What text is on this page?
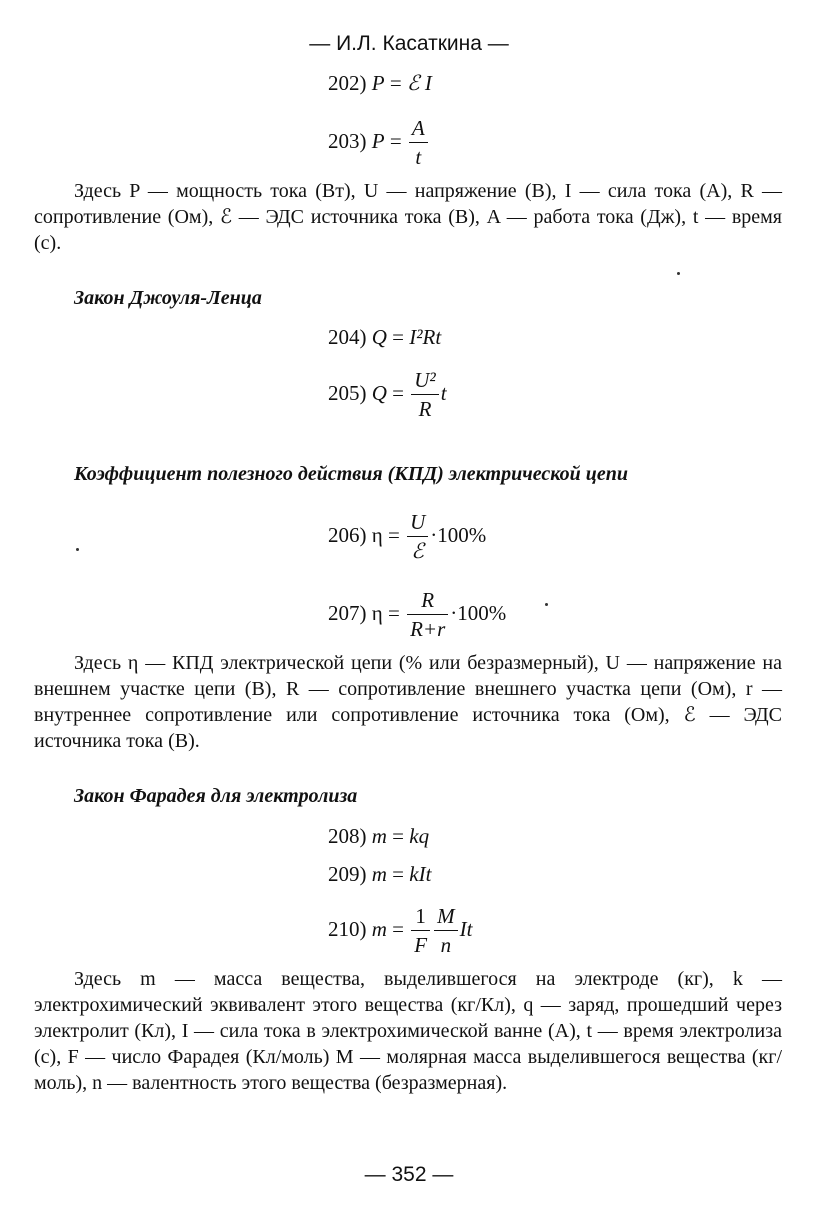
— И.Л. Касаткина —
202) P = ℰ I
203) $P = \frac{A}{t}$
Здесь P — мощность тока (Вт), U — напряжение (В), I — сила тока (А), R — сопротивление (Ом), ℰ — ЭДС источника тока (В), A — работа тока (Дж), t — время (с).
Закон Джоуля-Ленца
204) Q = I²Rt
205) $Q = \frac{\text{U²}}{R}$ t
Коэффициент полезного действия (КПД) электрической цепи
206) $\eta = \frac{U}{\text{ℰ}} \cdot 100\%$
207) $\eta = \frac{R}{R+r} \cdot 100\%$
Здесь η — КПД электрической цепи (% или безразмерный), U — напряжение на внешнем участке цепи (В), R — сопротивление внешнего участка цепи (Ом), r — внутреннее сопротивление или сопротивление источника тока (Ом), ℰ — ЭДС источника тока (В).
Закон Фарадея для электролиза
208) m = kq
209) m = kIt
210) $m = \frac{1}{F} \frac{M}{n}$ It
Здесь m — масса вещества, выделившегося на электроде (кг), k — электрохимический эквивалент этого вещества (кг/Кл), q — заряд, прошедший через электролит (Кл), I — сила тока в электрохимической ванне (А), t — время электролиза (с), F — число Фарадея (Кл/моль) M — молярная масса выделившегося вещества (кг/моль), n — валентность этого вещества (безразмерная).
— 352 —
